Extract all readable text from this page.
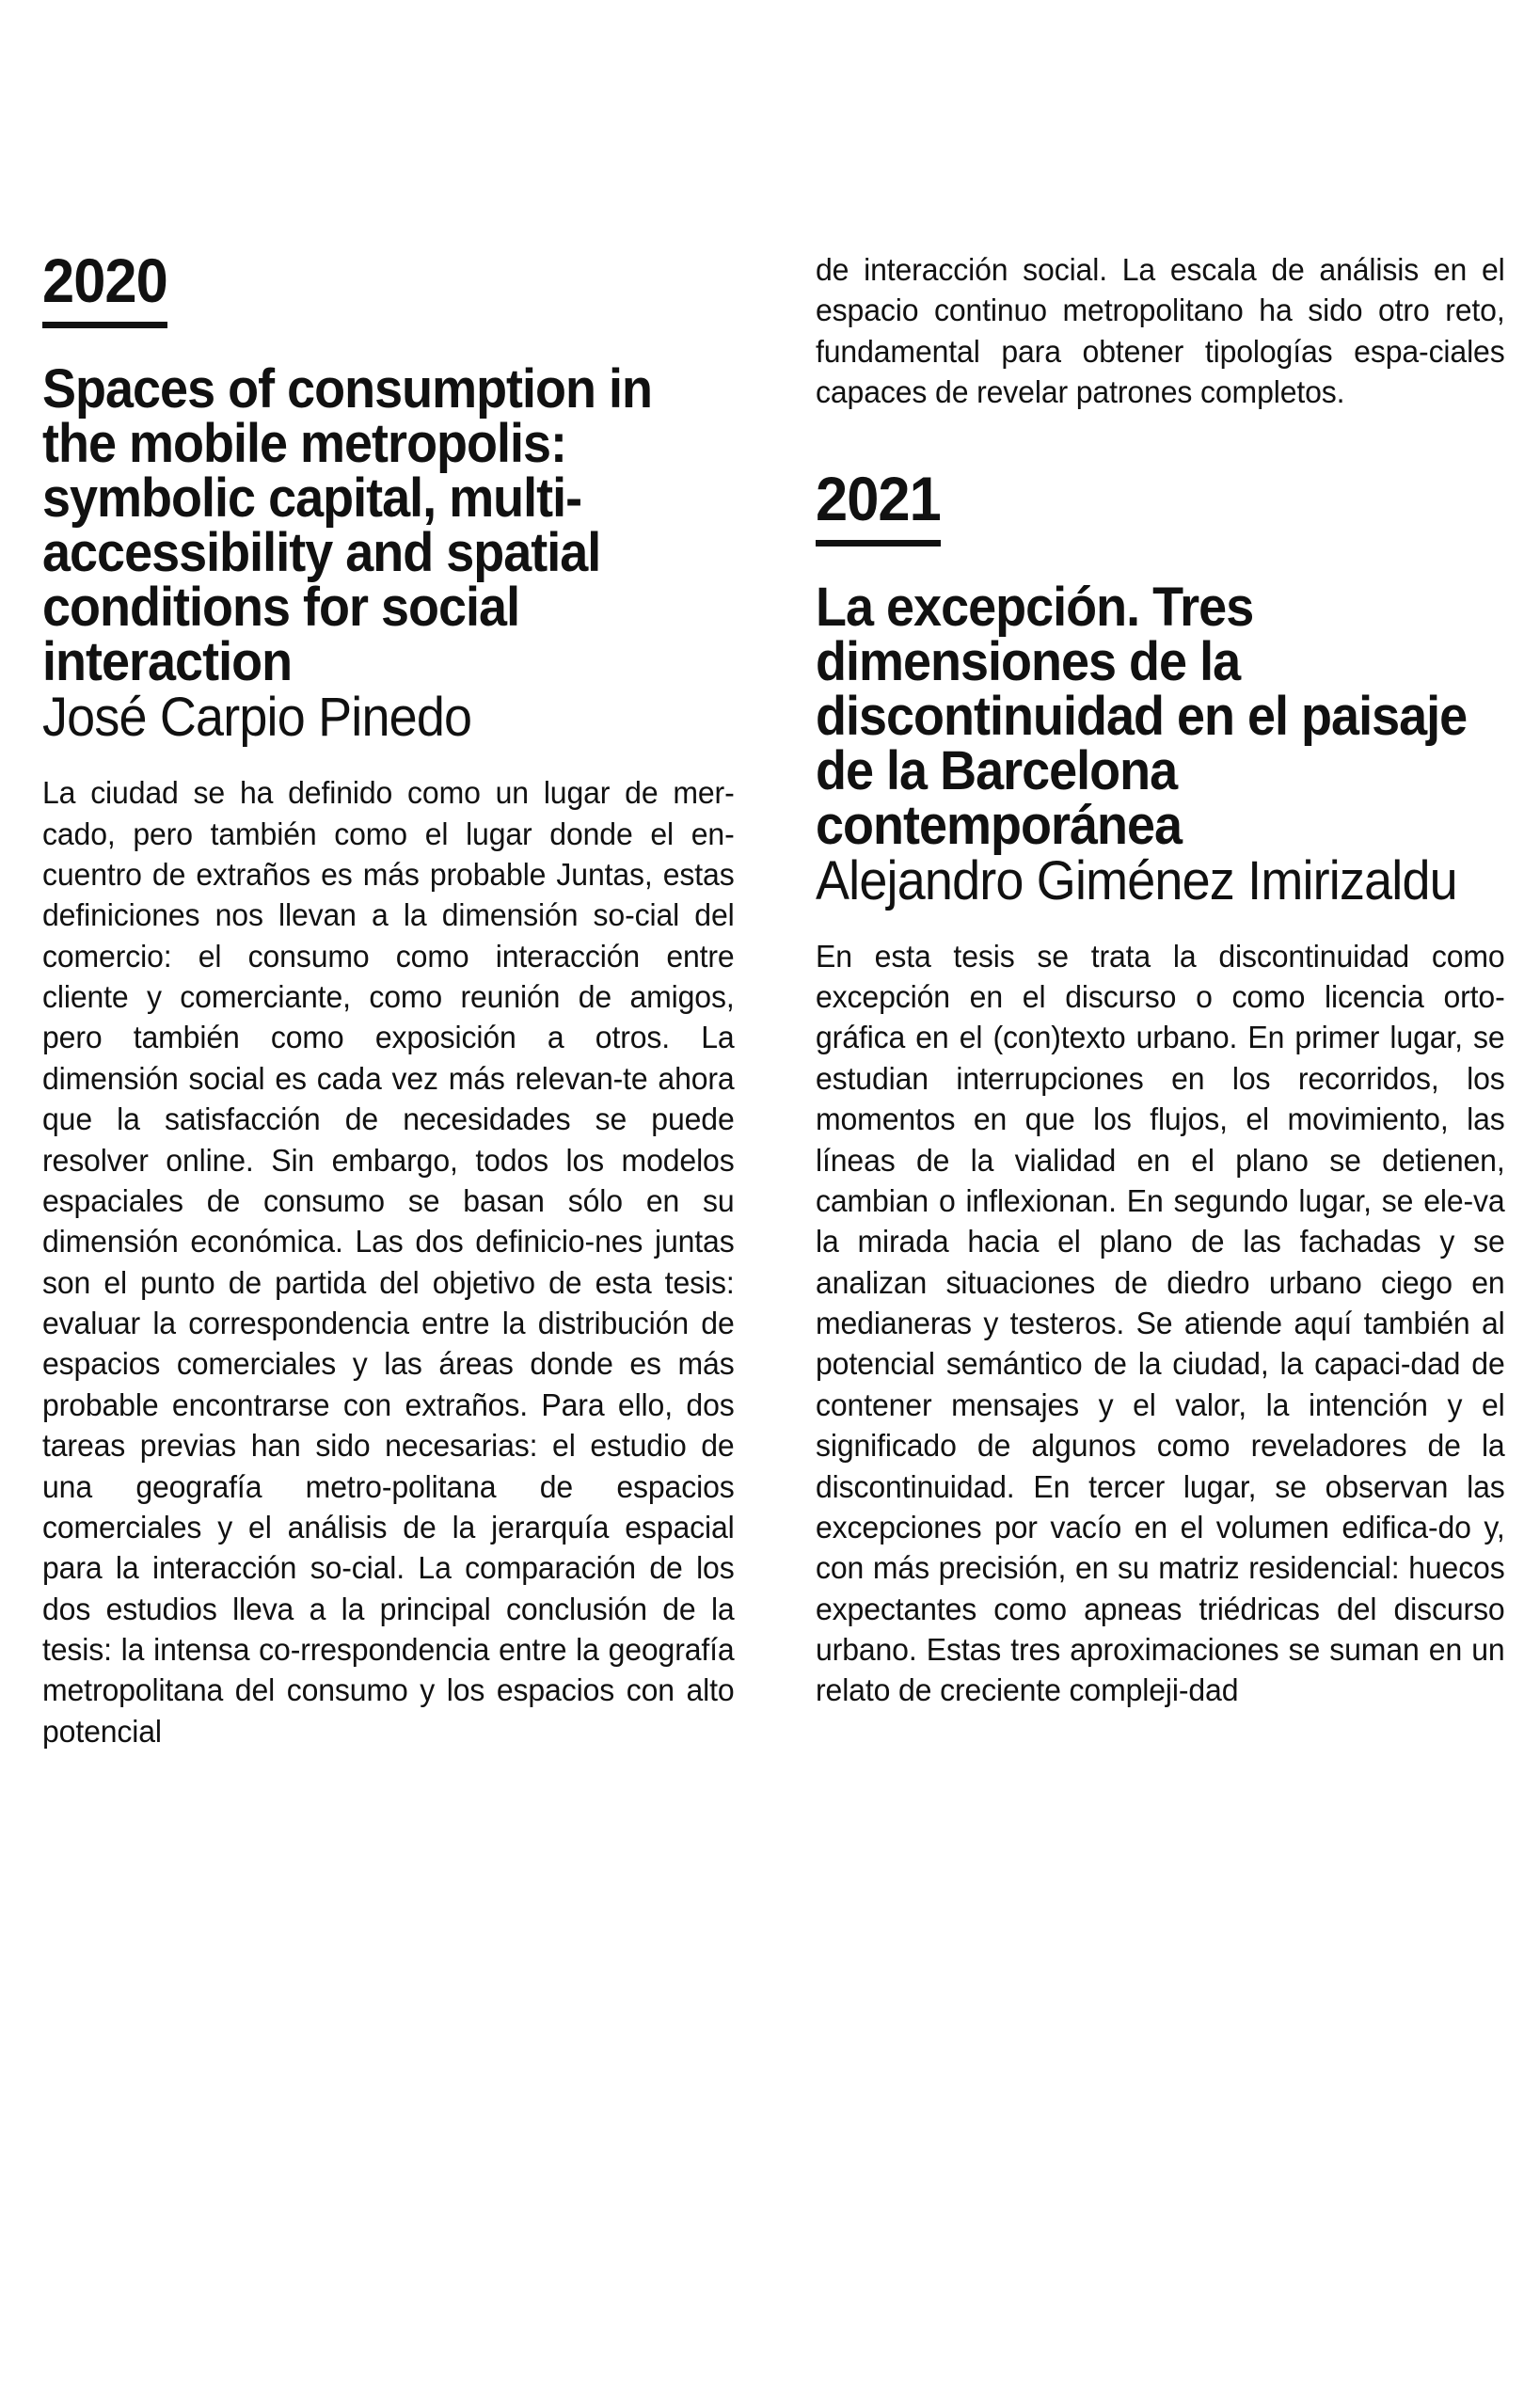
2020
Spaces of consumption in the mobile metropolis: symbolic capital, multi-accessibility and spatial conditions for social interaction
José Carpio Pinedo

La ciudad se ha definido como un lugar de mer-cado, pero también como el lugar donde el en-cuentro de extraños es más probable Juntas, estas definiciones nos llevan a la dimensión so-cial del comercio: el consumo como interacción entre cliente y comerciante, como reunión de amigos, pero también como exposición a otros. La dimensión social es cada vez más relevan-te ahora que la satisfacción de necesidades se puede resolver online. Sin embargo, todos los modelos espaciales de consumo se basan sólo en su dimensión económica. Las dos definicio-nes juntas son el punto de partida del objetivo de esta tesis: evaluar la correspondencia entre la distribución de espacios comerciales y las áreas donde es más probable encontrarse con extraños. Para ello, dos tareas previas han sido necesarias: el estudio de una geografía metro-politana de espacios comerciales y el análisis de la jerarquía espacial para la interacción so-cial. La comparación de los dos estudios lleva a la principal conclusión de la tesis: la intensa co-rrespondencia entre la geografía metropolitana del consumo y los espacios con alto potencial

de interacción social. La escala de análisis en el espacio continuo metropolitano ha sido otro reto, fundamental para obtener tipologías espa-ciales capaces de revelar patrones completos.

2021
La excepción. Tres dimensiones de la discontinuidad en el paisaje de la Barcelona contemporánea
Alejandro Giménez Imirizaldu

En esta tesis se trata la discontinuidad como excepción en el discurso o como licencia orto-gráfica en el (con)texto urbano. En primer lugar, se estudian interrupciones en los recorridos, los momentos en que los flujos, el movimiento, las líneas de la vialidad en el plano se detienen, cambian o inflexionan. En segundo lugar, se ele-va la mirada hacia el plano de las fachadas y se analizan situaciones de diedro urbano ciego en medianeras y testeros. Se atiende aquí también al potencial semántico de la ciudad, la capaci-dad de contener mensajes y el valor, la intención y el significado de algunos como reveladores de la discontinuidad. En tercer lugar, se observan las excepciones por vacío en el volumen edifica-do y, con más precisión, en su matriz residencial: huecos expectantes como apneas triédricas del discurso urbano. Estas tres aproximaciones se suman en un relato de creciente compleji-dad
